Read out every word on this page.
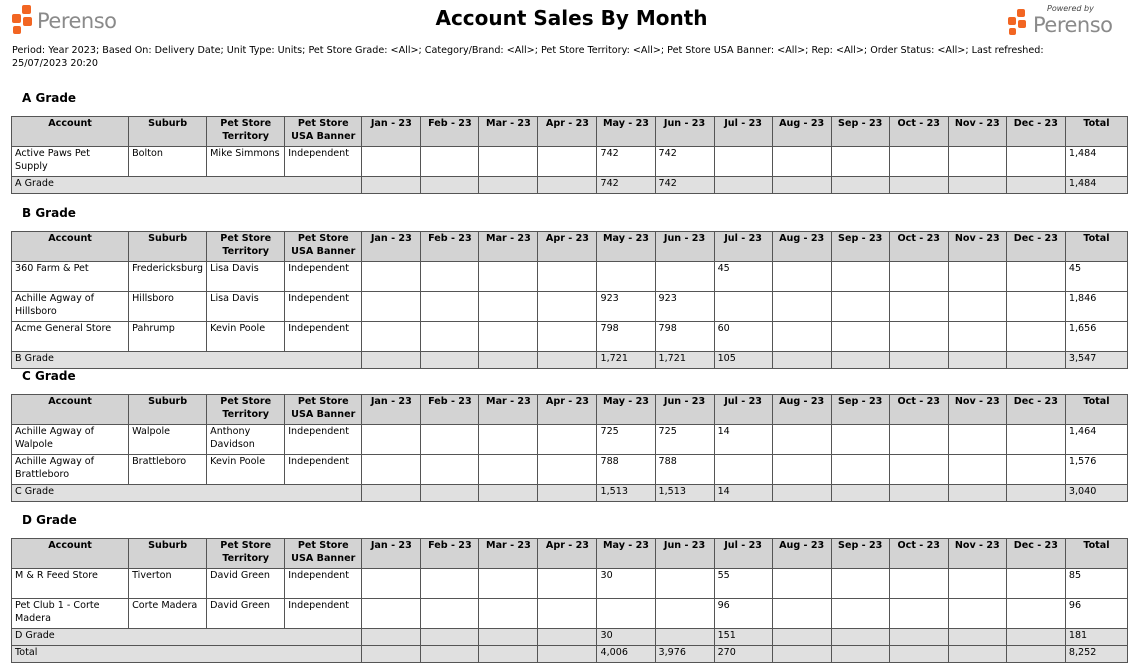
Perenso	Account Sales By Month	Powered by
Perenso
Period: Year 2023; Based On: Delivery Date; Unit Type: Units; Pet Store Grade: <All>; Category/Brand: <All>; Pet Store Territory: <All>; Pet Store USA Banner: <All>; Rep: <All>; Order Status: <All>; Last refreshed: 25/07/2023 20:20
A Grade
Account	Suburb	Pet Store Territory	Pet Store USA Banner	Jan - 23	Feb - 23	Mar - 23	Apr - 23	May - 23	Jun - 23	Jul - 23	Aug - 23	Sep - 23	Oct - 23	Nov - 23	Dec - 23	Total
Active Paws Pet Supply	Bolton	Mike Simmons	Independent					742	742							1,484
A Grade								742	742							1,484
B Grade
Account	Suburb	Pet Store Territory	Pet Store USA Banner	Jan - 23	Feb - 23	Mar - 23	Apr - 23	May - 23	Jun - 23	Jul - 23	Aug - 23	Sep - 23	Oct - 23	Nov - 23	Dec - 23	Total
360 Farm & Pet	Fredericksburg	Lisa Davis	Independent							45						45
Achille Agway of Hillsboro	Hillsboro	Lisa Davis	Independent					923	923							1,846
Acme General Store	Pahrump	Kevin Poole	Independent					798	798	60						1,656
B Grade								1,721	1,721	105						3,547
C Grade
Account	Suburb	Pet Store Territory	Pet Store USA Banner	Jan - 23	Feb - 23	Mar - 23	Apr - 23	May - 23	Jun - 23	Jul - 23	Aug - 23	Sep - 23	Oct - 23	Nov - 23	Dec - 23	Total
Achille Agway of Walpole	Walpole	Anthony Davidson	Independent					725	725	14						1,464
Achille Agway of Brattleboro	Brattleboro	Kevin Poole	Independent					788	788							1,576
C Grade								1,513	1,513	14						3,040
D Grade
Account	Suburb	Pet Store Territory	Pet Store USA Banner	Jan - 23	Feb - 23	Mar - 23	Apr - 23	May - 23	Jun - 23	Jul - 23	Aug - 23	Sep - 23	Oct - 23	Nov - 23	Dec - 23	Total
M & R Feed Store	Tiverton	David Green	Independent					30		55						85
Pet Club 1 - Corte Madera	Corte Madera	David Green	Independent							96						96
D Grade								30		151						181
Total								4,006	3,976	270						8,252
